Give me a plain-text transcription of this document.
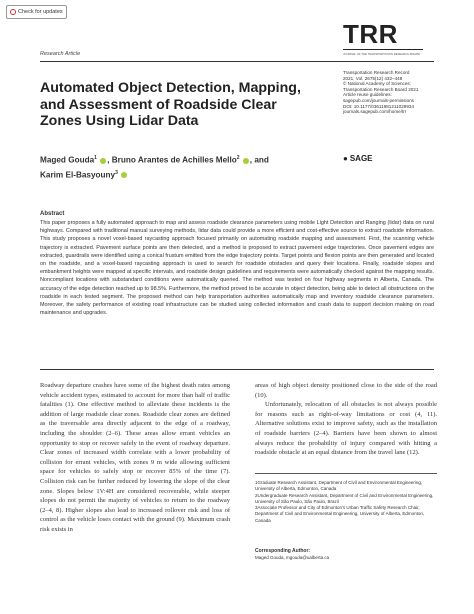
Check for updates
Research Article
TRR
JOURNAL OF THE TRANSPORTATION RESEARCH BOARD
Transportation Research Record
2021, Vol. 2675(12) 432–448
© National Academy of Sciences:
Transportation Research Board 2021
Article reuse guidelines:
sagepub.com/journals-permissions
DOI: 10.1177/03611981211029934
journals.sagepub.com/home/trr
● SAGE
Automated Object Detection, Mapping, and Assessment of Roadside Clear Zones Using Lidar Data
Maged Gouda$^1$ , Bruno Arantes de Achilles Mello$^2$ , and
Karim El-Basyouny$^3$
Abstract
This paper proposes a fully automated approach to map and assess roadside clearance parameters using mobile Light Detection and Ranging (lidar) data on rural highways. Compared with traditional manual surveying methods, lidar data could provide a more efficient and cost-effective source to extract roadside information. This study proposes a novel voxel-based raycasting approach focused primarily on automating roadside mapping and assessment. First, the scanning vehicle trajectory is extracted. Pavement surface points are then detected, and a method is proposed to extract pavement edge trajectories. Once pavement edges are extracted, guardrails were identified using a conical frustum emitted from the edge trajectory points. Target points and flexion points are then generated and located on the roadside, and a voxel-based raycasting approach is used to search for roadside obstacles and query their locations. Finally, roadside slopes and embankment heights were mapped at specific intervals, and roadside design guidelines and requirements were automatically checked against the mapping results. Noncompliant locations with substandard conditions were automatically queried. The method was tested on four highway segments in Alberta, Canada. The accuracy of the edge detection reached up to 98.5%. Furthermore, the method proved to be accurate in object detection, being able to detect all obstructions on the roadside in each tested segment. The proposed method can help transportation authorities automatically map and inventory roadside clearance parameters. Moreover, the safety performance of existing road infrastructure can be studied using collected information and crash data to support decision making on road maintenance and upgrades.
Roadway departure crashes have some of the highest death rates among vehicle accident types, estimated to account for more than half of traffic fatalities (1). One effective method to alleviate these incidents is the addition of large roadside clear zones. Roadside clear zones are defined as the traversable area directly adjacent to the edge of a roadway, including the shoulder (2–6). These areas allow errant vehicles an opportunity to stop or recover safely in the event of roadway departure. Clear zones of increased width correlate with a lower probability of collision for errant vehicles, with zones 9 m wide allowing sufficient space for vehicles to safely stop or recover 85% of the time (7). Collision risk can be further reduced by lowering the slope of the clear zone. Slopes below 1V:4H are considered recoverable, while steeper slopes do not permit the majority of vehicles to return to the roadway (2–4, 8). Higher slopes also lead to increased rollover risk and loss of control as the vehicle loses contact with the ground (9). Maximum crash risk exists in

areas of high object density positioned close to the side of the road (10).

Unfortunately, relocation of all obstacles is not always possible for reasons such as right-of-way limitations or cost (4, 11). Alternative solutions exist to improve safety, such as the installation of roadside barriers (2–4). Barriers have been shown to almost always reduce the probability of injury compared with hitting a roadside obstacle at an equal distance from the travel lane (12).

1Graduate Research Assistant, Department of Civil and Environmental Engineering, University of Alberta, Edmonton, Canada

2Undergraduate Research Assistant, Department of Civil and Environmental Engineering, University of São Paulo, São Paulo, Brazil

3Associate Professor and City of Edmonton's Urban Traffic Safety Research Chair, Department of Civil and Environmental Engineering, University of Alberta, Edmonton, Canada

Corresponding Author:
Maged Gouda, mgouda@ualberta.ca
